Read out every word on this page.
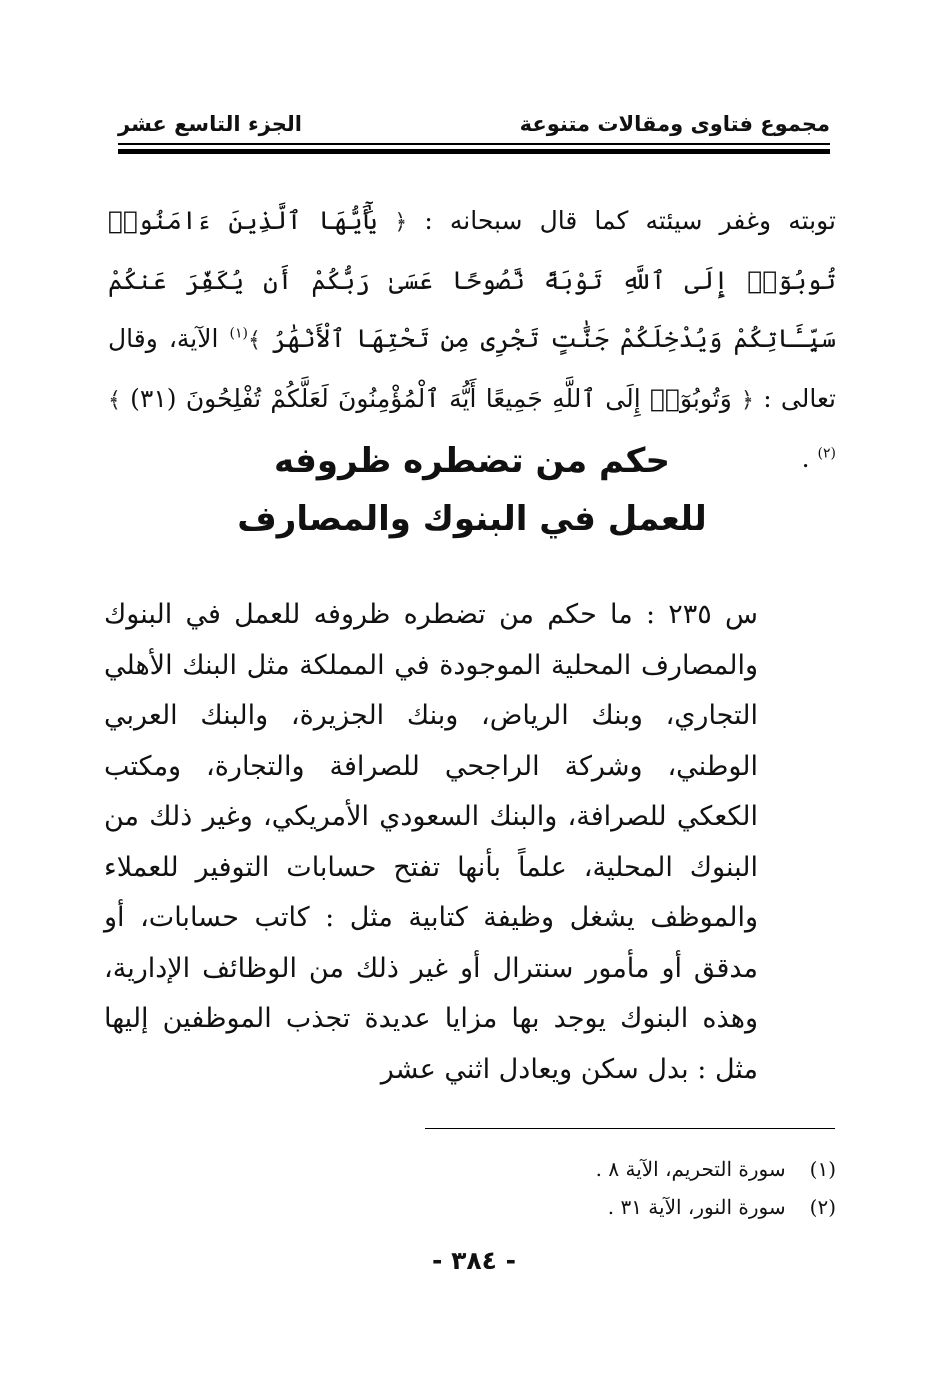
مجموع فتاوى ومقالات متنوعة
الجزء التاسع عشر
توبته وغفر سيئته كما قال سبحانه : ﴿ يَٰٓأَيُّهَا ٱلَّذِينَ ءَامَنُوا۟ تُوبُوٓا۟ إِلَى ٱللَّهِ تَوْبَةً نَّصُوحًا عَسَىٰ رَبُّكُمْ أَن يُكَفِّرَ عَنكُمْ سَيِّـَٔاتِكُمْ وَيُدْخِلَكُمْ جَنَّٰتٍ تَجْرِى مِن تَحْتِهَا ٱلْأَنْهَٰرُ ﴾$^{(١)}$ الآية، وقال تعالى : ﴿ وَتُوبُوٓا۟ إِلَى ٱللَّهِ جَمِيعًا أَيُّهَ ٱلْمُؤْمِنُونَ لَعَلَّكُمْ تُفْلِحُونَ (٣١) ﴾$^{(٢)}$ .
حكم من تضطره ظروفه
للعمل في البنوك والمصارف
س ٢٣٥ : ما حكم من تضطره ظروفه للعمل في البنوك والمصارف المحلية الموجودة في المملكة مثل البنك الأهلي التجاري، وبنك الرياض، وبنك الجزيرة، والبنك العربي الوطني، وشركة الراجحي للصرافة والتجارة، ومكتب الكعكي للصرافة، والبنك السعودي الأمريكي، وغير ذلك من البنوك المحلية، علماً بأنها تفتح حسابات التوفير للعملاء والموظف يشغل وظيفة كتابية مثل : كاتب حسابات، أو مدقق أو مأمور سنترال أو غير ذلك من الوظائف الإدارية، وهذه البنوك يوجد بها مزايا عديدة تجذب الموظفين إليها مثل : بدل سكن ويعادل اثني عشر
(١) سورة التحريم، الآية ٨ .
(٢) سورة النور، الآية ٣١ .
- ٣٨٤ -
